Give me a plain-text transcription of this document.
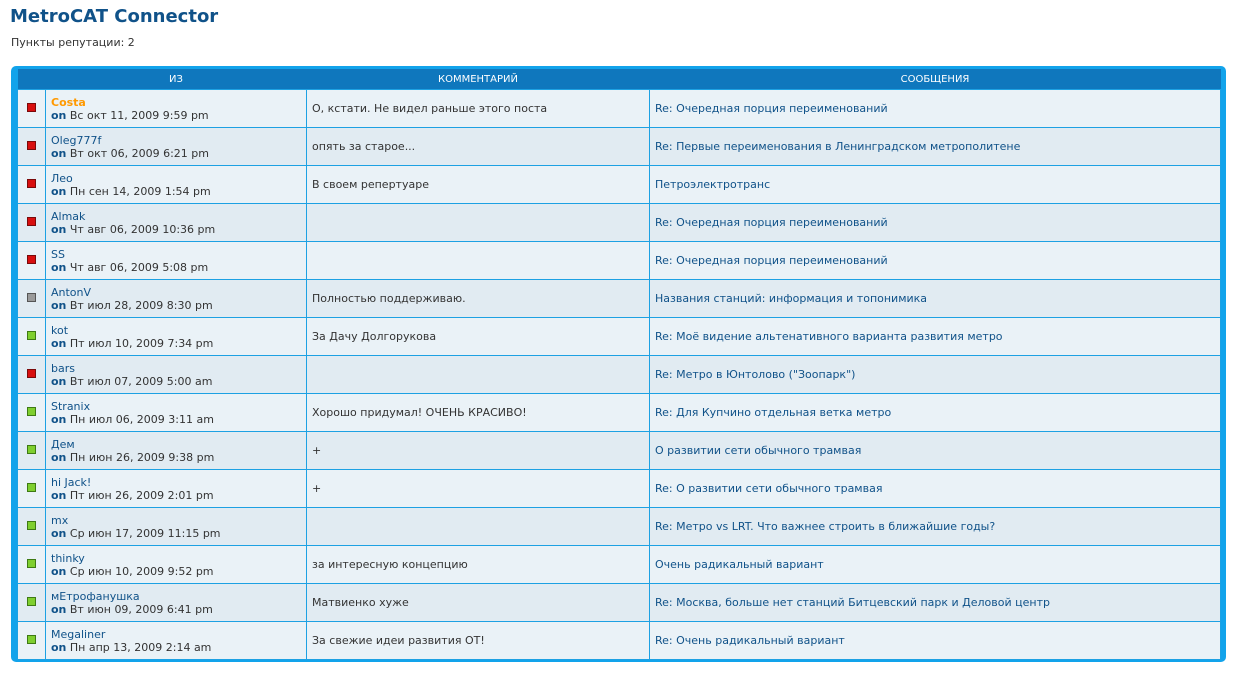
MetroCAT Connector
Пункты репутации: 2
	ИЗ	КОММЕНТАРИЙ	СООБЩЕНИЯ

	Costa
on Вс окт 11, 2009 9:59 pm	О, кстати. Не видел раньше этого поста	Re: Очередная порция переименований

	Oleg777f
on Вт окт 06, 2009 6:21 pm	опять за старое...	Re: Первые переименования в Ленинградском метрополитене

	Лео
on Пн сен 14, 2009 1:54 pm	В своем репертуаре	Петроэлектротранс

	Almak
on Чт авг 06, 2009 10:36 pm		Re: Очередная порция переименований

	SS
on Чт авг 06, 2009 5:08 pm		Re: Очередная порция переименований

	AntonV
on Вт июл 28, 2009 8:30 pm	Полностью поддерживаю.	Названия станций: информация и топонимика

	kot
on Пт июл 10, 2009 7:34 pm	За Дачу Долгорукова	Re: Моё видение альтенативного варианта развития метро

	bars
on Вт июл 07, 2009 5:00 am		Re: Метро в Юнтолово ("Зоопарк")

	Stranix
on Пн июл 06, 2009 3:11 am	Хорошо придумал! ОЧЕНЬ КРАСИВО!	Re: Для Купчино отдельная ветка метро

	Дем
on Пн июн 26, 2009 9:38 pm	+	О развитии сети обычного трамвая

	hi Jack!
on Пт июн 26, 2009 2:01 pm	+	Re: О развитии сети обычного трамвая

	mx
on Ср июн 17, 2009 11:15 pm		Re: Метро vs LRT. Что важнее строить в ближайшие годы?

	thinky
on Ср июн 10, 2009 9:52 pm	за интересную концепцию	Очень радикальный вариант

	мЕтрофанушка
on Вт июн 09, 2009 6:41 pm	Матвиенко хуже	Re: Москва, больше нет станций Битцевский парк и Деловой центр

	Megaliner
on Пн апр 13, 2009 2:14 am	За свежие идеи развития ОТ!	Re: Очень радикальный вариант
